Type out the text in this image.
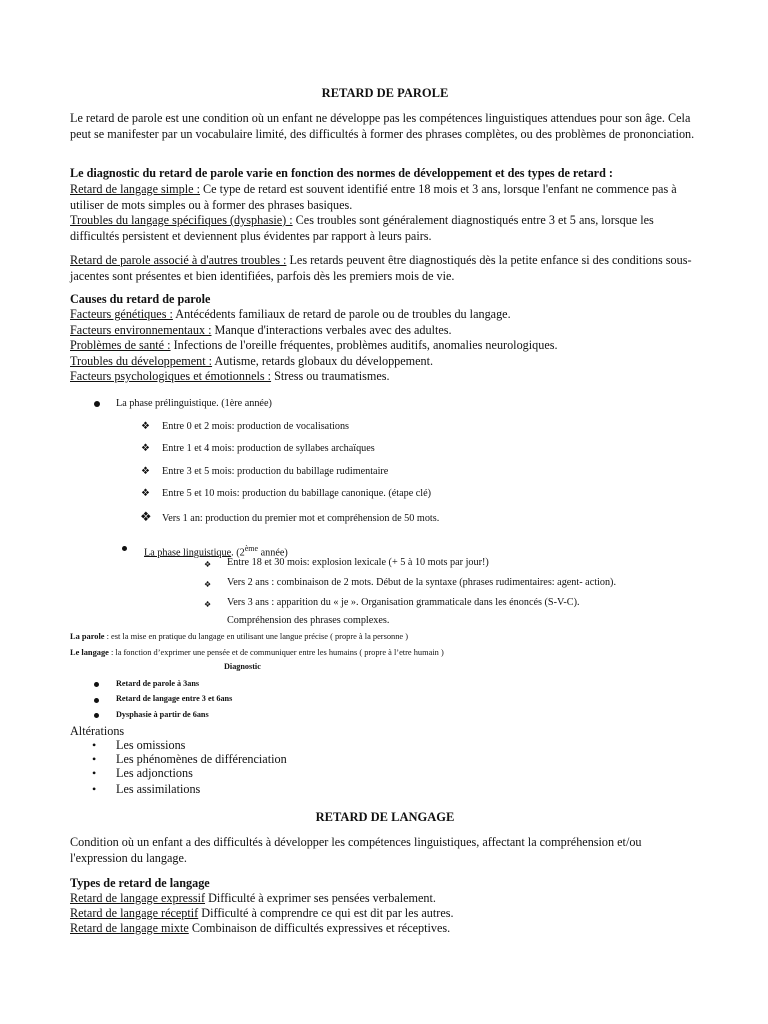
RETARD DE PAROLE
Le retard de parole est une condition où un enfant ne développe pas les compétences linguistiques attendues pour son âge. Cela peut se manifester par un vocabulaire limité, des difficultés à former des phrases complètes, ou des problèmes de prononciation.
Le diagnostic du retard de parole varie en fonction des normes de développement et des types de retard :
Retard de langage simple : Ce type de retard est souvent identifié entre 18 mois et 3 ans, lorsque l'enfant ne commence pas à utiliser de mots simples ou à former des phrases basiques.
Troubles du langage spécifiques (dysphasie) : Ces troubles sont généralement diagnostiqués entre 3 et 5 ans, lorsque les difficultés persistent et deviennent plus évidentes par rapport à leurs pairs.
Retard de parole associé à d'autres troubles : Les retards peuvent être diagnostiqués dès la petite enfance si des conditions sous-jacentes sont présentes et bien identifiées, parfois dès les premiers mois de vie.
Causes du retard de parole
Facteurs génétiques : Antécédents familiaux de retard de parole ou de troubles du langage.
Facteurs environnementaux : Manque d'interactions verbales avec des adultes.
Problèmes de santé : Infections de l'oreille fréquentes, problèmes auditifs, anomalies neurologiques.
Troubles du développement : Autisme, retards globaux du développement.
Facteurs psychologiques et émotionnels : Stress ou traumatismes.
La phase prélinguistique. (1ère année)
❖ Entre 0 et 2 mois: production de vocalisations
❖ Entre 1 et 4 mois: production de syllabes archaïques
❖ Entre 3 et 5 mois: production du babillage rudimentaire
❖ Entre 5 et 10 mois: production du babillage canonique. (étape clé)
❖ Vers 1 an: production du premier mot et compréhension de 50 mots.
La phase linguistique. (2ème année)
❖ Entre 18 et 30 mois: explosion lexicale (+ 5 à 10 mots par jour!)
❖ Vers 2 ans : combinaison de 2 mots. Début de la syntaxe (phrases rudimentaires: agent- action).
❖ Vers 3 ans : apparition du « je ». Organisation grammaticale dans les énoncés (S-V-C).
Compréhension des phrases complexes.
La parole : est la mise en pratique du langage en utilisant une langue précise ( propre à la personne )
Le langage : la fonction d’exprimer une pensée et de communiquer entre les humains ( propre à l’etre humain )
Diagnostic
Retard de parole à 3ans
Retard de langage entre 3 et 6ans
Dysphasie à partir de 6ans
Altérations
• Les omissions
• Les phénomènes de différenciation
• Les adjonctions
• Les assimilations
RETARD DE LANGAGE
Condition où un enfant a des difficultés à développer les compétences linguistiques, affectant la compréhension et/ou l'expression du langage.
Types de retard de langage
Retard de langage expressif Difficulté à exprimer ses pensées verbalement.
Retard de langage réceptif Difficulté à comprendre ce qui est dit par les autres.
Retard de langage mixte Combinaison de difficultés expressives et réceptives.
